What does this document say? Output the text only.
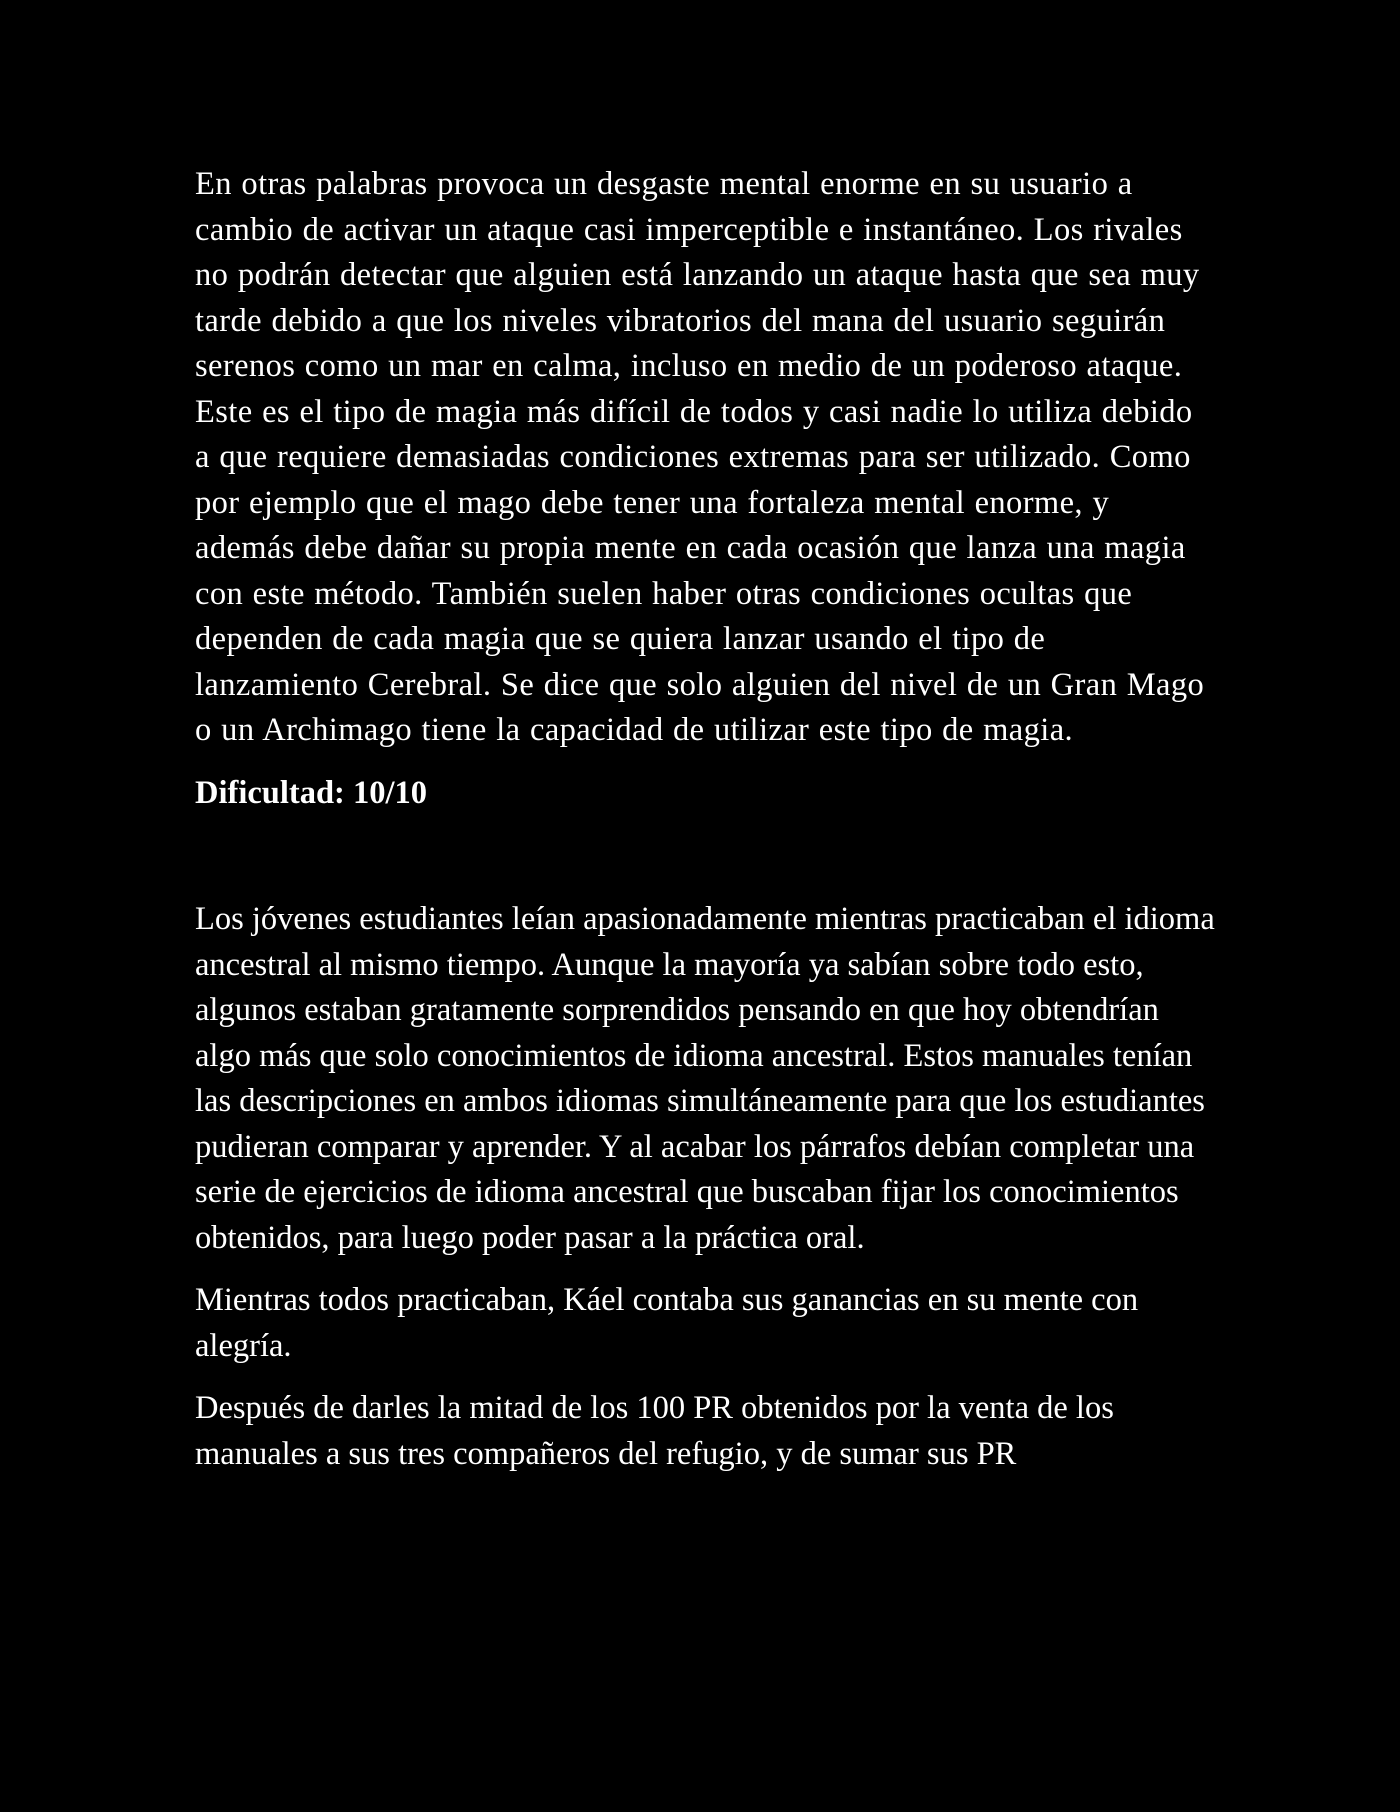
En otras palabras provoca un desgaste mental enorme en su usuario a cambio de activar un ataque casi imperceptible e instantáneo. Los rivales no podrán detectar que alguien está lanzando un ataque hasta que sea muy tarde debido a que los niveles vibratorios del mana del usuario seguirán serenos como un mar en calma, incluso en medio de un poderoso ataque. Este es el tipo de magia más difícil de todos y casi nadie lo utiliza debido a que requiere demasiadas condiciones extremas para ser utilizado. Como por ejemplo que el mago debe tener una fortaleza mental enorme, y además debe dañar su propia mente en cada ocasión que lanza una magia con este método. También suelen haber otras condiciones ocultas que dependen de cada magia que se quiera lanzar usando el tipo de lanzamiento Cerebral. Se dice que solo alguien del nivel de un Gran Mago o un Archimago tiene la capacidad de utilizar este tipo de magia.

Dificultad: 10/10

Los jóvenes estudiantes leían apasionadamente mientras practicaban el idioma ancestral al mismo tiempo. Aunque la mayoría ya sabían sobre todo esto, algunos estaban gratamente sorprendidos pensando en que hoy obtendrían algo más que solo conocimientos de idioma ancestral. Estos manuales tenían las descripciones en ambos idiomas simultáneamente para que los estudiantes pudieran comparar y aprender. Y al acabar los párrafos debían completar una serie de ejercicios de idioma ancestral que buscaban fijar los conocimientos obtenidos, para luego poder pasar a la práctica oral.

Mientras todos practicaban, Káel contaba sus ganancias en su mente con alegría.

Después de darles la mitad de los 100 PR obtenidos por la venta de los manuales a sus tres compañeros del refugio, y de sumar sus PR
